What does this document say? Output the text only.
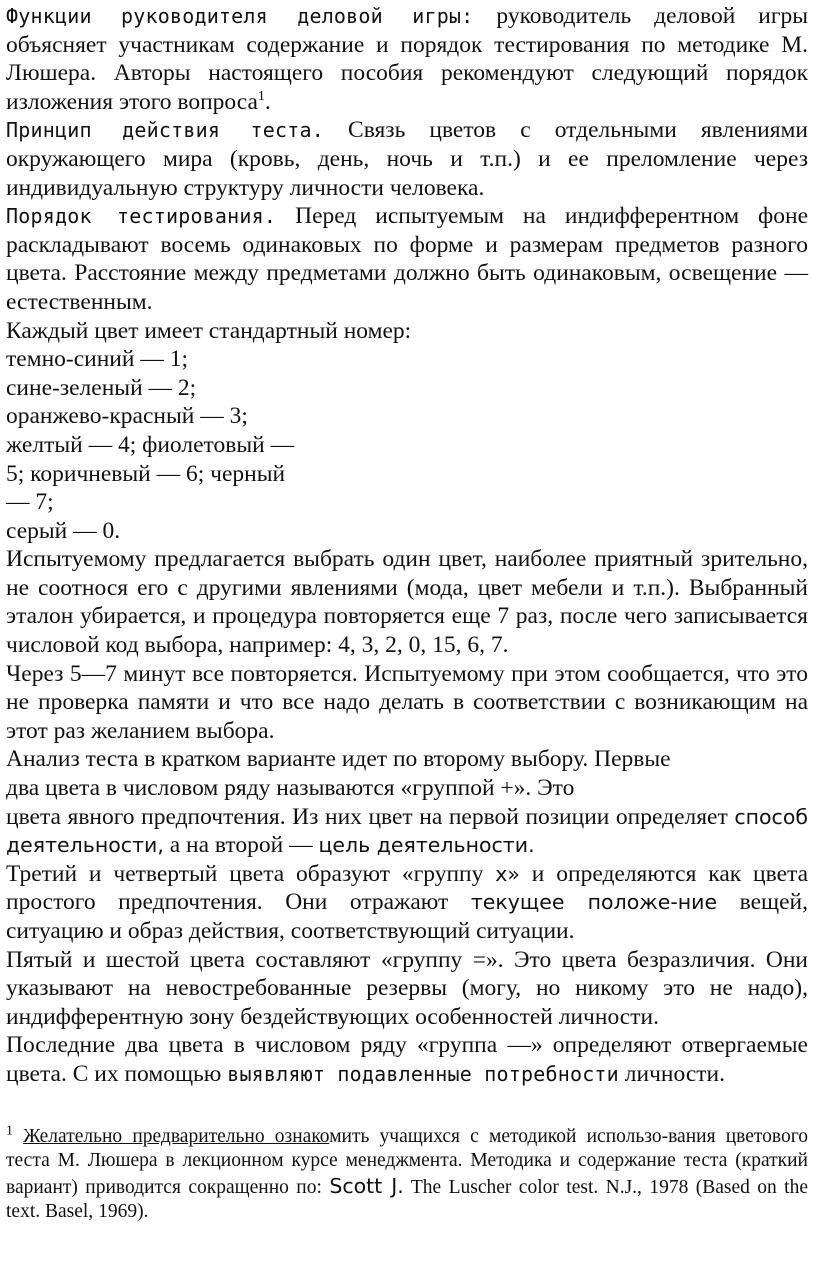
Функции руководителя деловой игры: руководитель деловой игры объясняет участникам содержание и порядок тестирования по методике М. Люшера. Авторы настоящего пособия рекомендуют следующий порядок изложения этого вопроса$^1$.

Принцип действия теста. Связь цветов с отдельными явлениями окружающего мира (кровь, день, ночь и т.п.) и ее преломление через индивидуальную структуру личности человека.

Порядок тестирования. Перед испытуемым на индифферентном фоне раскладывают восемь одинаковых по форме и размерам предметов разного цвета. Расстояние между предметами должно быть одинаковым, освещение — естественным.

Каждый цвет имеет стандартный номер:
темно-синий — 1;
сине-зеленый — 2;
оранжево-красный — 3;
желтый — 4; фиолетовый —
5; коричневый — 6; черный
— 7;
серый — 0.

Испытуемому предлагается выбрать один цвет, наиболее приятный зрительно, не соотнося его с другими явлениями (мода, цвет мебели и т.п.). Выбранный эталон убирается, и процедура повторяется еще 7 раз, после чего записывается числовой код выбора, например: 4, 3, 2, 0, 15, 6, 7.

Через 5—7 минут все повторяется. Испытуемому при этом сообщается, что это не проверка памяти и что все надо делать в соответствии с возникающим на этот раз желанием выбора.

Анализ теста в кратком варианте идет по второму выбору. Первые
два цвета в числовом ряду называются «группой +». Это

цвета явного предпочтения. Из них цвет на первой позиции определяет способ деятельности, а на второй — цель деятельности.

Третий и четвертый цвета образуют «группу x» и определяются как цвета простого предпочтения. Они отражают текущее положе-ние вещей, ситуацию и образ действия, соответствующий ситуации.

Пятый и шестой цвета составляют «группу =». Это цвета безразличия. Они указывают на невостребованные резервы (могу, но никому это не надо), индифферентную зону бездействующих особенностей личности.

Последние два цвета в числовом ряду «группа —» определяют отвергаемые цвета. С их помощью выявляют подавленные потребности личности.

$^1$ Желательно предварительно ознакомить учащихся с методикой использо-вания цветового теста М. Люшера в лекционном курсе менеджмента. Методика и содержание теста (краткий вариант) приводится сокращенно по: Scott J. The Luscher color test. N.J., 1978 (Based on the text. Basel, 1969).
